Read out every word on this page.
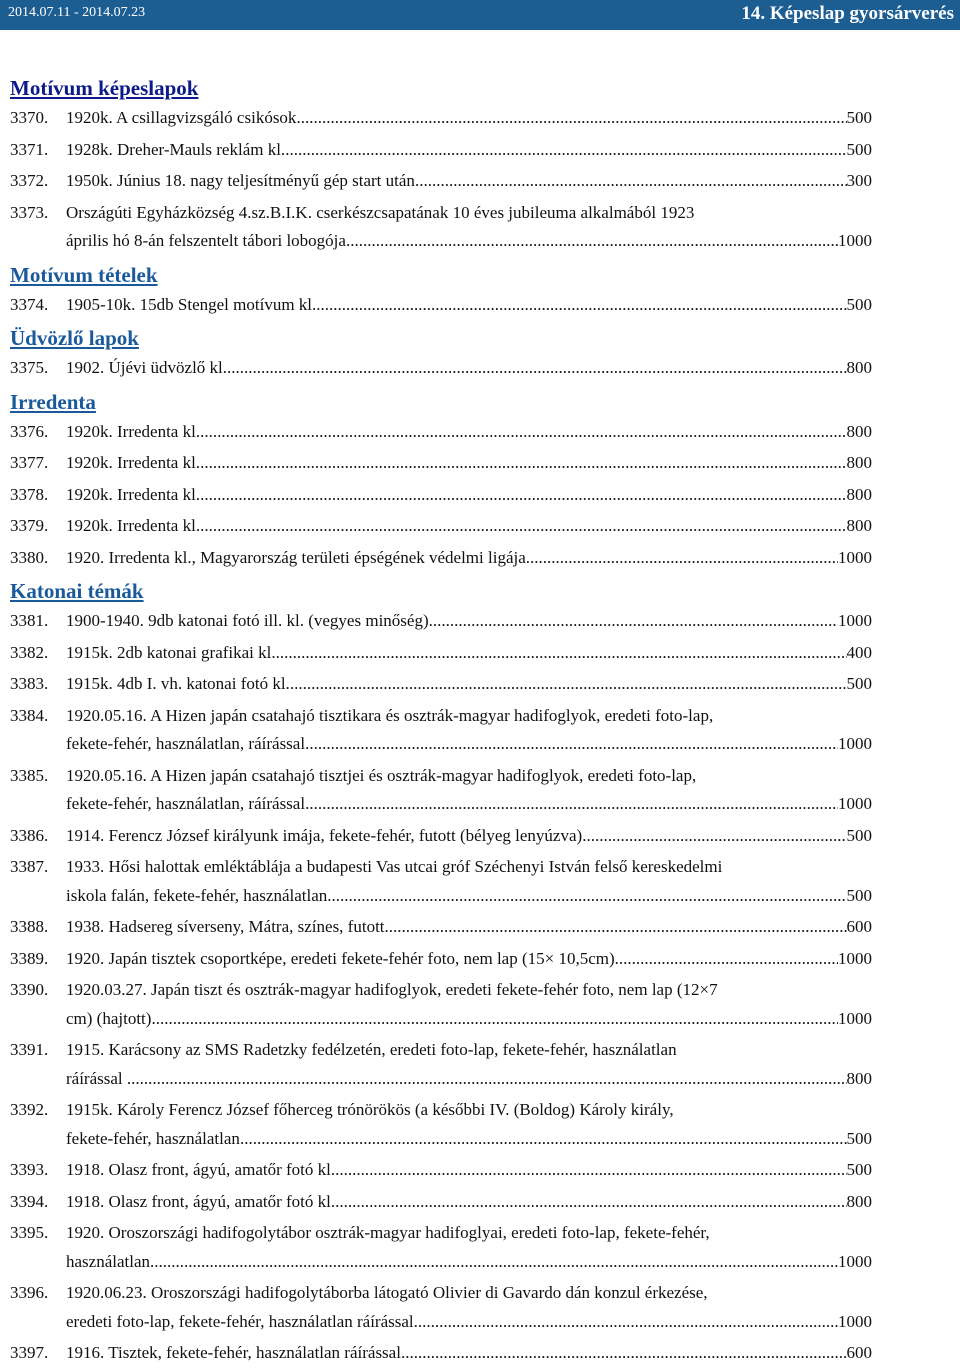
2014.07.11 - 2014.07.23	14. Képeslap gyorsárverés
Motívum képeslapok
3370.	1920k. A csillagvizsgáló csikósok .....	500
3371.	1928k. Dreher-Mauls reklám kl. .....	500
3372.	1950k. Június 18. nagy teljesítményű gép start után .....	300
3373.	Országúti Egyházközség 4.sz.B.I.K. cserkészcsapatának 10 éves jubileuma alkalmából 1923
április hó 8-án felszentelt tábori lobogója .....	1000
Motívum tételek
3374.	1905-10k. 15db Stengel motívum kl. .....	500
Üdvözlő lapok
3375.	1902. Újévi üdvözlő kl. .....	800
Irredenta
3376.	1920k. Irredenta kl. .....	800
3377.	1920k. Irredenta kl. .....	800
3378.	1920k. Irredenta kl. .....	800
3379.	1920k. Irredenta kl. .....	800
3380.	1920. Irredenta kl., Magyarország területi épségének védelmi ligája .....	1000
Katonai témák
3381.	1900-1940. 9db katonai fotó ill. kl. (vegyes minőség) .....	1000
3382.	1915k. 2db katonai grafikai kl. .....	400
3383.	1915k. 4db I. vh. katonai fotó kl. .....	500
3384.	1920.05.16. A Hizen japán csatahajó tisztikara és osztrák-magyar hadifoglyok, eredeti foto-lap,
fekete-fehér, használatlan, ráírással .....	1000
3385.	1920.05.16. A Hizen japán csatahajó tisztjei és osztrák-magyar hadifoglyok, eredeti foto-lap,
fekete-fehér, használatlan, ráírással .....	1000
3386.	1914. Ferencz József királyunk imája, fekete-fehér, futott (bélyeg lenyúzva) .....	500
3387.	1933. Hősi halottak emléktáblája a budapesti Vas utcai gróf Széchenyi István felső kereskedelmi
iskola falán, fekete-fehér, használatlan .....	500
3388.	1938. Hadsereg síverseny, Mátra, színes, futott .....	600
3389.	1920. Japán tisztek csoportképe, eredeti fekete-fehér foto, nem lap (15× 10,5cm) .....	1000
3390.	1920.03.27. Japán tiszt és osztrák-magyar hadifoglyok, eredeti fekete-fehér foto, nem lap (12×7
cm) (hajtott) .....	1000
3391.	1915. Karácsony az SMS Radetzky fedélzetén, eredeti foto-lap, fekete-fehér, használatlan
ráírással . .....	800
3392.	1915k. Károly Ferencz József főherceg trónörökös (a későbbi IV. (Boldog) Károly király,
fekete-fehér, használatlan .....	500
3393.	1918. Olasz front, ágyú, amatőr fotó kl. .....	500
3394.	1918. Olasz front, ágyú, amatőr fotó kl. .....	800
3395.	1920. Oroszországi hadifogolytábor osztrák-magyar hadifoglyai, eredeti foto-lap, fekete-fehér,
használatlan .....	1000
3396.	1920.06.23. Oroszországi hadifogolytáborba látogató Olivier di Gavardo dán konzul érkezése,
eredeti foto-lap, fekete-fehér, használatlan ráírással .....	1000
3397.	1916. Tisztek, fekete-fehér, használatlan ráírással .....	600
